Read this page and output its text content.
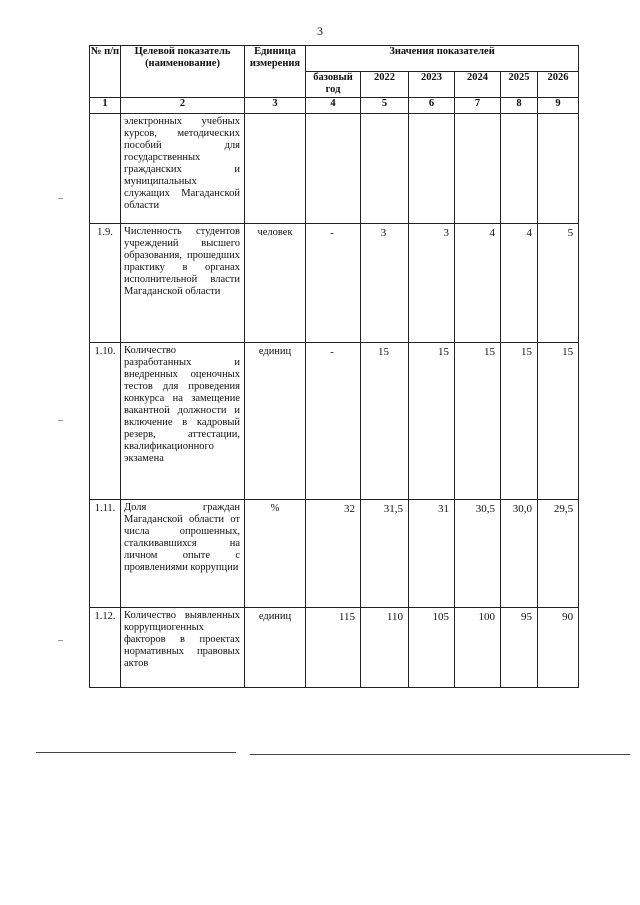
3
№ п/п	Целевой показатель (наименование)	Единица измерения	Значения показателей					
			базовый год	2022	2023	2024	2025	2026
1	2	3	4	5	6	7	8	9
	электронных учебных курсов, методических пособий для государственных гражданских и муниципальных служащих Магаданской области							
1.9.	Численность студентов учреждений высшего образования, прошедших практику в органах исполнительной власти Магаданской области	человек	-	3	3	4	4	5
1.10.	Количество разработанных и внедренных оценочных тестов для проведения конкурса на замещение вакантной должности и включение в кадровый резерв, аттестации, квалификационного экзамена	единиц	-	15	15	15	15	15
1.11.	Доля граждан Магаданской области от числа опрошенных, сталкивавшихся на личном опыте с проявлениями коррупции	%	32	31,5	31	30,5	30,0	29,5
1.12.	Количество выявленных коррупциогенных факторов в проектах нормативных правовых актов	единиц	115	110	105	100	95	90
